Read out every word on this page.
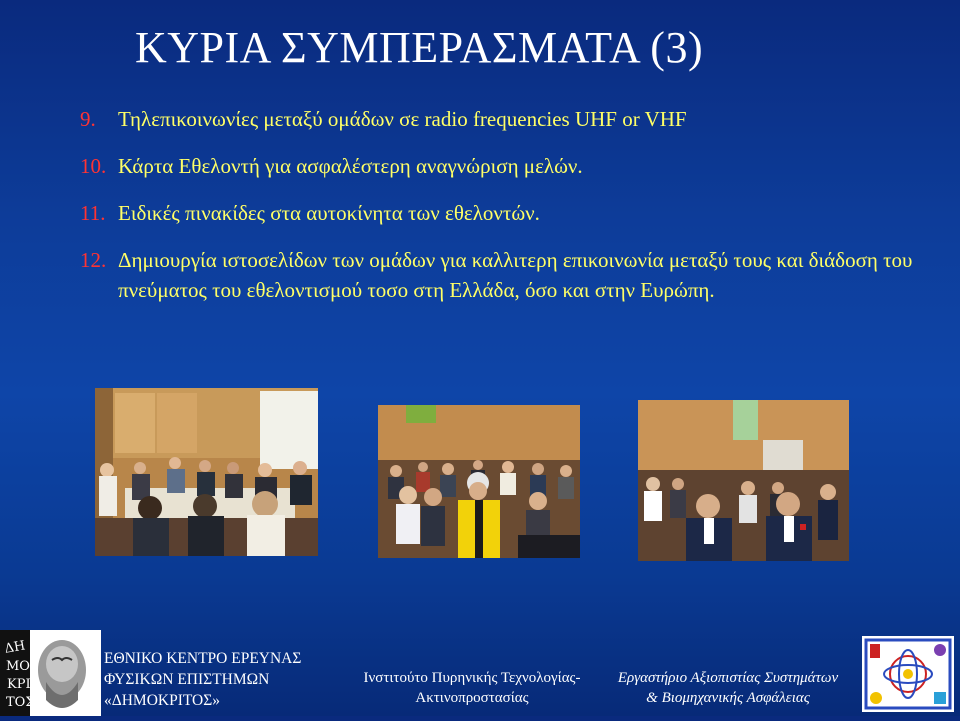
ΚΥΡΙΑ ΣΥΜΠΕΡΑΣΜΑΤΑ (3)
9.	Τηλεπικοινωνίες μεταξύ ομάδων σε radio frequencies UHF or VHF
10. Κάρτα Εθελοντή για ασφαλέστερη αναγνώριση μελών.
11. Ειδικές πινακίδες στα αυτοκίνητα των εθελοντών.
12. Δημιουργία ιστοσελίδων των ομάδων για καλλιτερη επικοινωνία μεταξύ τους και διάδοση του πνεύματος του εθελοντισμού τοσο στη Ελλάδα, όσο και στην Ευρώπη.
ΔΗ
ΜΟ
ΚΡΙ
ΤΟΣ
ΕΘΝΙΚΟ ΚΕΝΤΡΟ ΕΡΕΥΝΑΣ
ΦΥΣΙΚΩΝ ΕΠΙΣΤΗΜΩΝ
«ΔΗΜΟΚΡΙΤΟΣ»
Ινστιτούτο Πυρηνικής Τεχνολογίας-
Ακτινοπροστασίας
Εργαστήριο Αξιοπιστίας Συστημάτων
& Βιομηχανικής Ασφάλειας
